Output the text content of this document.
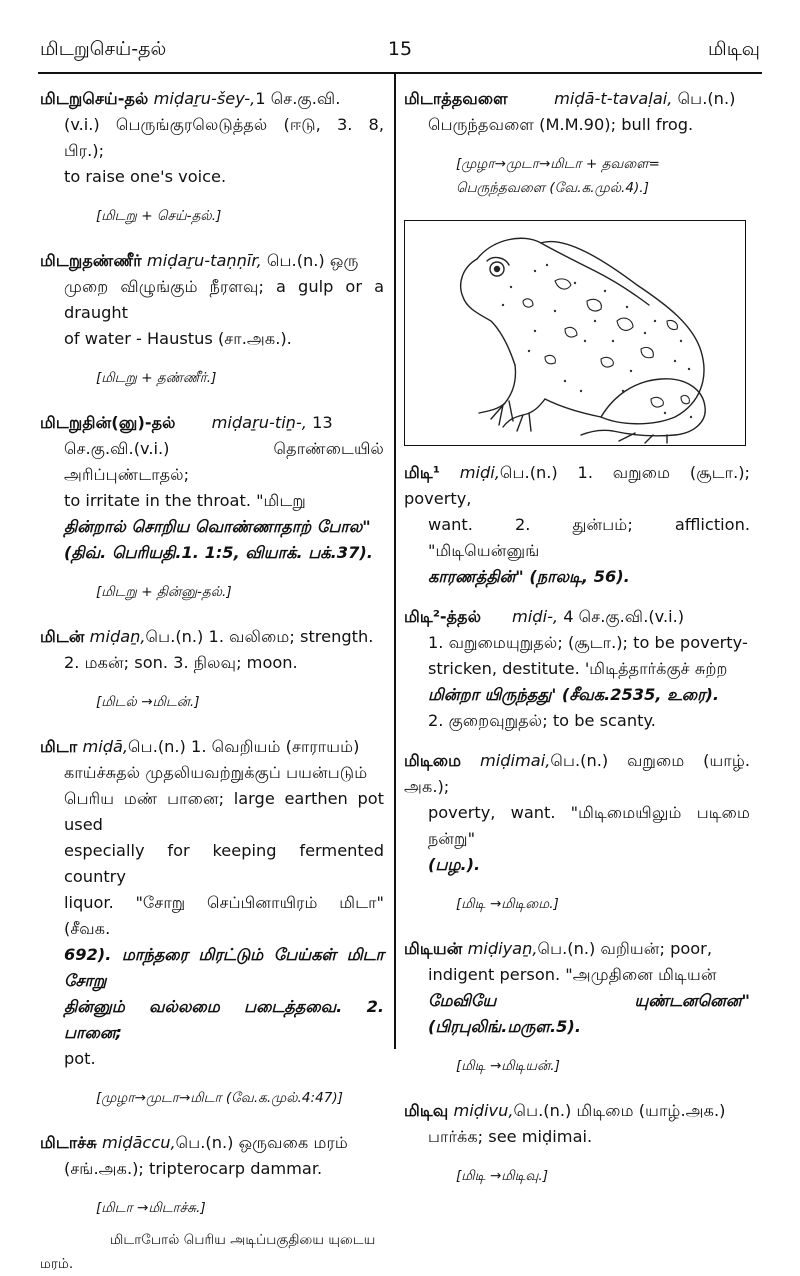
மிடறுசெய்-தல்	15	மிடிவு
மிடறுசெய்-தல் miḍaṟu-šey-,1 செ.கு.வி.
(v.i.) பெருங்குரலெடுத்தல் (ஈடு, 3. 8, பிர.);
to raise one's voice.
[மிடறு + செய்-தல்.]
மிடறுதண்ணீர் miḍaṟu-taṇṇīr, பெ.(n.) ஒரு
முறை விழுங்கும் நீரளவு; a gulp or a draught
of water - Haustus (சா.அக.).
[மிடறு + தண்ணீர்.]
மிடறுதின்(னு)-தல் miḍaṟu-tiṉ-, 13
செ.கு.வி.(v.i.) தொண்டையில் அரிப்புண்டாதல்;
to irritate in the throat. "மிடறு
தின்றால் சொறிய வொண்ணாதாற் போல"
(திவ். பெரியதி.1. 1:5, வியாக். பக்.37).
[மிடறு + தின்னு-தல்.]
மிடன் miḍaṉ,பெ.(n.) 1. வலிமை; strength.
2. மகன்; son. 3. நிலவு; moon.
[மிடல் →மிடன்.]
மிடா miḍā,பெ.(n.) 1. வெறியம் (சாராயம்)
காய்ச்சுதல் முதலியவற்றுக்குப் பயன்படும்
பெரிய மண் பானை; large earthen pot used
especially for keeping fermented country
liquor. "சோறு செப்பினாயிரம் மிடா" (சீவக.
692). மாந்தரை மிரட்டும் பேய்கள் மிடா சோறு
தின்னும் வல்லமை படைத்தவை. 2. பானை;
pot.
[முழா→முடா→மிடா (வே.க.முல்.4:47)]
மிடாச்சு miḍāccu,பெ.(n.) ஒருவகை மரம்
(சங்.அக.); tripterocarp dammar.
[மிடா →மிடாச்சு.]
மிடாபோல் பெரிய அடிப்பகுதியை யுடைய
மரம்.
மிடாத்தவளை	miḍā-t-tavaḷai, பெ.(n.)
பெருந்தவளை (M.M.90); bull frog.
[முழா→முடா→மிடா + தவளை= பெருந்தவளை (வே.க.முல்.4).]
மிடி¹ miḍi,பெ.(n.) 1. வறுமை (சூடா.); poverty,
want. 2. துன்பம்; affliction. "மிடியென்னுங்
காரணத்தின்" (நாலடி, 56).
மிடி²-த்தல் miḍi-, 4 செ.கு.வி.(v.i.)
1. வறுமையுறுதல்; (சூடா.); to be poverty-
stricken, destitute. 'மிடித்தார்க்குச் சுற்ற
மின்றா யிருந்தது' (சீவக.2535, உரை).
2. குறைவுறுதல்; to be scanty.
மிடிமை miḍimai,பெ.(n.) வறுமை (யாழ். அக.);
poverty, want. "மிடிமையிலும் படிமை நன்று"
(பழ.).
[மிடி →மிடிமை.]
மிடியன் miḍiyaṉ,பெ.(n.) வறியன்; poor,
indigent person. "அமுதினை மிடியன்
மேவியே யுண்டனனென" (பிரபுலிங்.மருள.5).
[மிடி →மிடியன்.]
மிடிவு miḍivu,பெ.(n.) மிடிமை (யாழ்.அக.)
பார்க்க; see miḍimai.
[மிடி →மிடிவு.]
